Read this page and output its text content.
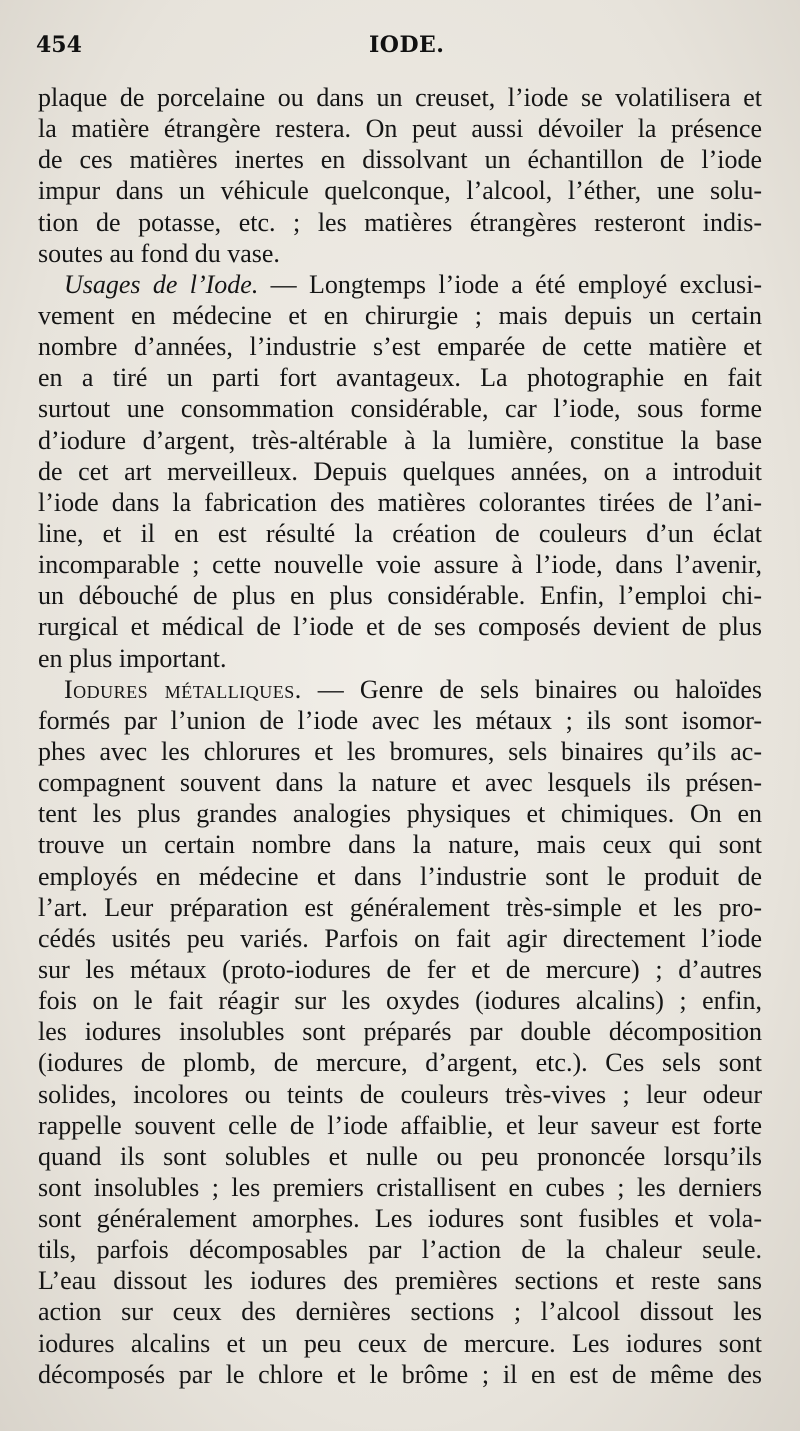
454	IODE.
plaque de porcelaine ou dans un creuset, l’iode se volatilisera et
la matière étrangère restera. On peut aussi dévoiler la présence
de ces matières inertes en dissolvant un échantillon de l’iode
impur dans un véhicule quelconque, l’alcool, l’éther, une solu-
tion de potasse, etc. ; les matières étrangères resteront indis-
soutes au fond du vase.
Usages de l’Iode. — Longtemps l’iode a été employé exclusi-
vement en médecine et en chirurgie ; mais depuis un certain
nombre d’années, l’industrie s’est emparée de cette matière et
en a tiré un parti fort avantageux. La photographie en fait
surtout une consommation considérable, car l’iode, sous forme
d’iodure d’argent, très-altérable à la lumière, constitue la base
de cet art merveilleux. Depuis quelques années, on a introduit
l’iode dans la fabrication des matières colorantes tirées de l’ani-
line, et il en est résulté la création de couleurs d’un éclat
incomparable ; cette nouvelle voie assure à l’iode, dans l’avenir,
un débouché de plus en plus considérable. Enfin, l’emploi chi-
rurgical et médical de l’iode et de ses composés devient de plus
en plus important.
Iodures métalliques. — Genre de sels binaires ou haloïdes
formés par l’union de l’iode avec les métaux ; ils sont isomor-
phes avec les chlorures et les bromures, sels binaires qu’ils ac-
compagnent souvent dans la nature et avec lesquels ils présen-
tent les plus grandes analogies physiques et chimiques. On en
trouve un certain nombre dans la nature, mais ceux qui sont
employés en médecine et dans l’industrie sont le produit de
l’art. Leur préparation est généralement très-simple et les pro-
cédés usités peu variés. Parfois on fait agir directement l’iode
sur les métaux (proto-iodures de fer et de mercure) ; d’autres
fois on le fait réagir sur les oxydes (iodures alcalins) ; enfin,
les iodures insolubles sont préparés par double décomposition
(iodures de plomb, de mercure, d’argent, etc.). Ces sels sont
solides, incolores ou teints de couleurs très-vives ; leur odeur
rappelle souvent celle de l’iode affaiblie, et leur saveur est forte
quand ils sont solubles et nulle ou peu prononcée lorsqu’ils
sont insolubles ; les premiers cristallisent en cubes ; les derniers
sont généralement amorphes. Les iodures sont fusibles et vola-
tils, parfois décomposables par l’action de la chaleur seule.
L’eau dissout les iodures des premières sections et reste sans
action sur ceux des dernières sections ; l’alcool dissout les
iodures alcalins et un peu ceux de mercure. Les iodures sont
décomposés par le chlore et le brôme ; il en est de même des
